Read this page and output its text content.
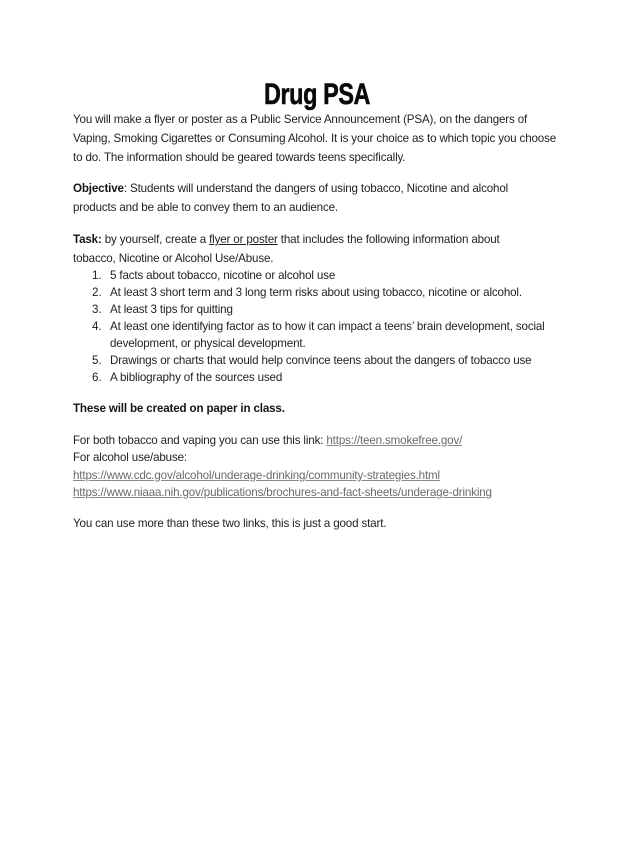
Drug PSA
You will make a flyer or poster as a Public Service Announcement (PSA), on the dangers of
Vaping, Smoking Cigarettes or Consuming Alcohol. It is your choice as to which topic you choose
to do. The information should be geared towards teens specifically.
Objective: Students will understand the dangers of using tobacco, Nicotine and alcohol
products and be able to convey them to an audience.
Task: by yourself, create a flyer or poster that includes the following information about
tobacco, Nicotine or Alcohol Use/Abuse.
1. 5 facts about tobacco, nicotine or alcohol use
2. At least 3 short term and 3 long term risks about using tobacco, nicotine or alcohol.
3. At least 3 tips for quitting
4. At least one identifying factor as to how it can impact a teens’ brain development, social
development, or physical development.
5. Drawings or charts that would help convince teens about the dangers of tobacco use
6. A bibliography of the sources used
These will be created on paper in class.
For both tobacco and vaping you can use this link: https://teen.smokefree.gov/
For alcohol use/abuse:
https://www.cdc.gov/alcohol/underage-drinking/community-strategies.html
https://www.niaaa.nih.gov/publications/brochures-and-fact-sheets/underage-drinking
You can use more than these two links, this is just a good start.
